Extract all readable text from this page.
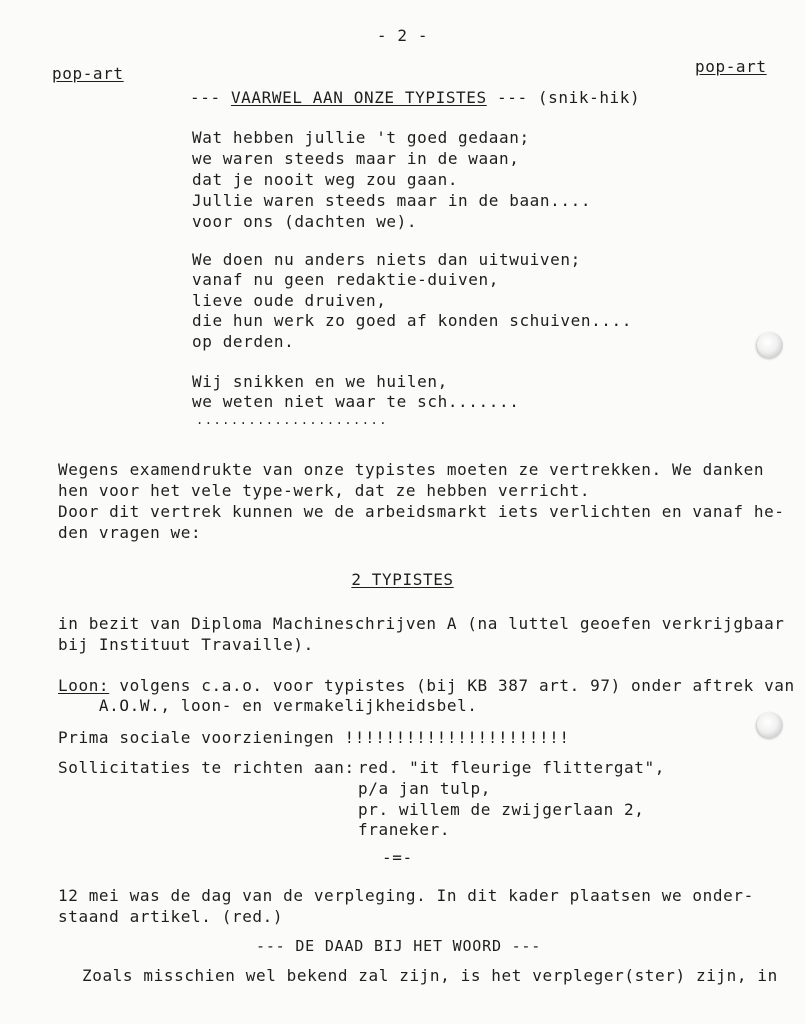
- 2 -
pop-art	pop-art
--- VAARWEL AAN ONZE TYPISTES --- (snik-hik)
Wat hebben jullie 't goed gedaan;
we waren steeds maar in de waan,
dat je nooit weg zou gaan.
Jullie waren steeds maar in de baan....
voor ons (dachten we).
We doen nu anders niets dan uitwuiven;
vanaf nu geen redaktie-duiven,
lieve oude druiven,
die hun werk zo goed af konden schuiven....
op derden.
Wij snikken en we huilen,
we weten niet waar te sch.......
......................
Wegens examendrukte van onze typistes moeten ze vertrekken. We danken
hen voor het vele type-werk, dat ze hebben verricht.
Door dit vertrek kunnen we de arbeidsmarkt iets verlichten en vanaf he-
den vragen we:
2 TYPISTES
in bezit van Diploma Machineschrijven A (na luttel geoefen verkrijgbaar
bij Instituut Travaille).
Loon: volgens c.a.o. voor typistes (bij KB 387 art. 97) onder aftrek van
A.O.W., loon- en vermakelijkheidsbel.
Prima sociale voorzieningen !!!!!!!!!!!!!!!!!!!!!!
Sollicitaties te richten aan: red. "it fleurige flittergat",
p/a jan tulp,
pr. willem de zwijgerlaan 2,
franeker.
-=-
12 mei was de dag van de verpleging. In dit kader plaatsen we onder-
staand artikel. (red.)
--- DE DAAD BIJ HET WOORD ---
Zoals misschien wel bekend zal zijn, is het verpleger(ster) zijn, in
